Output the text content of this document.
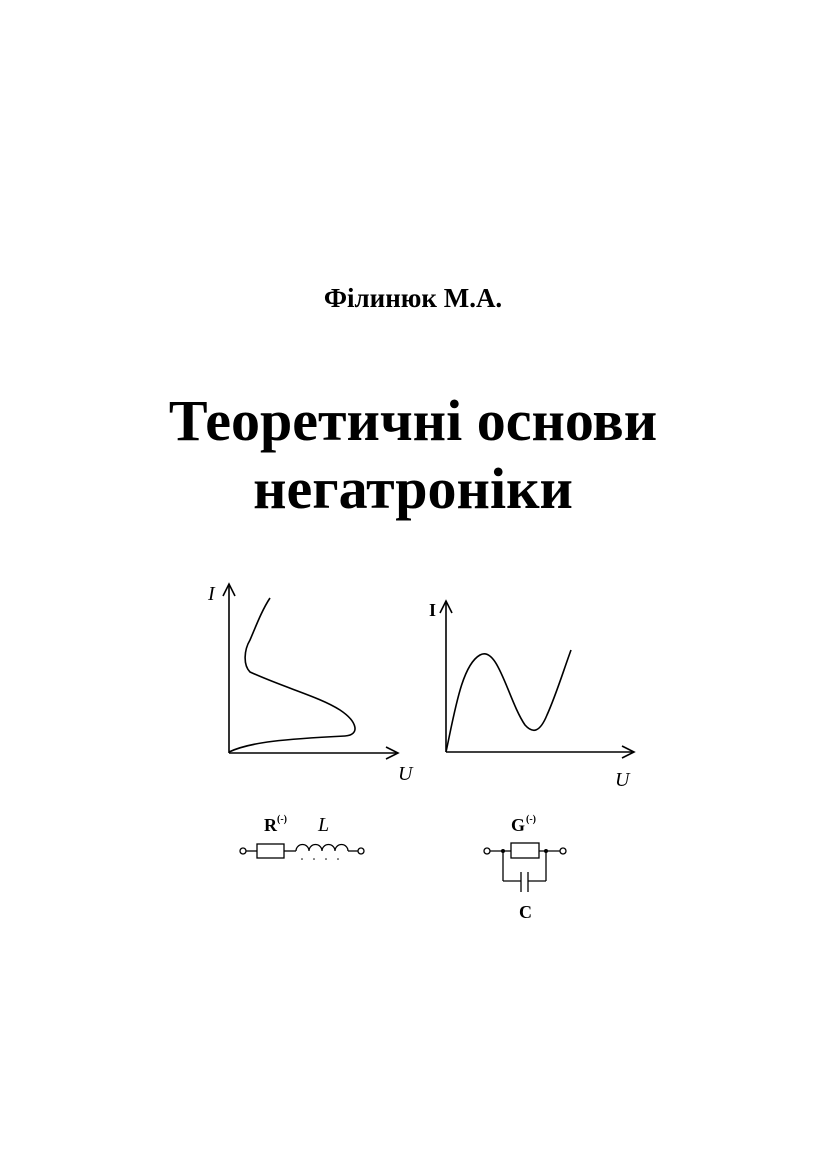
Філинюк М.А.
Теоретичні основи
негатроніки
I
U
I
U
R (-) L	G (-)
C
